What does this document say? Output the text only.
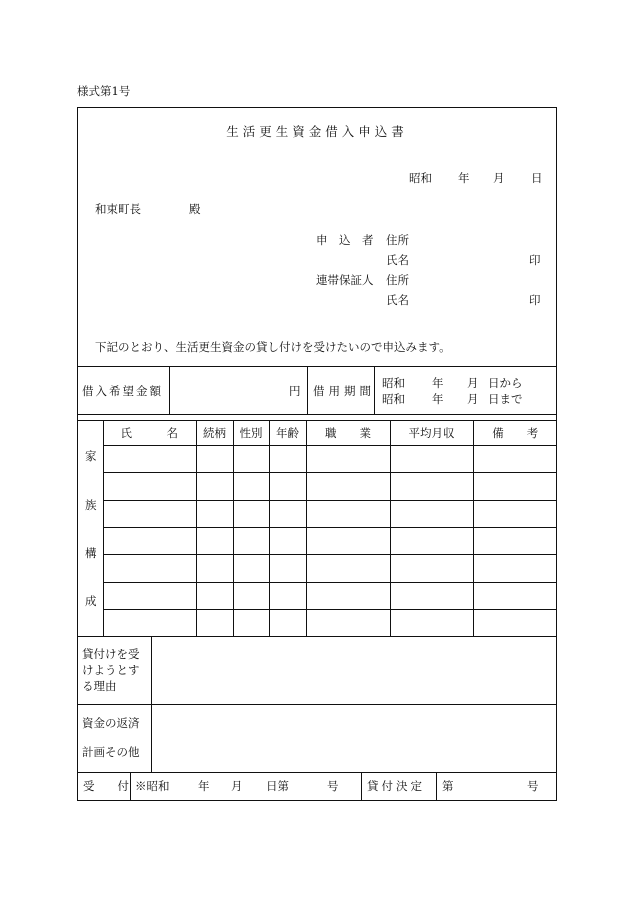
様式第1号
生活更生資金借入申込書
昭和 年 月 日
和束町長	殿
申　込　者 住所
氏名	印
連帯保証人 住所
氏名	印
下記のとおり、生活更生資金の貸し付けを受けたいので申込みます。
借入希望金額	円 借用期間
昭和 年 月 日から
昭和 年 月 日まで
家
族
構
成
氏　　　名	続柄	性別	年齢	職　　業	平均月収	備　　考

貸付けを受
けようとす
る理由
資金の返済
計画その他
受　　付 ※昭和 年 月 日第	号 貸付決定 第	号
